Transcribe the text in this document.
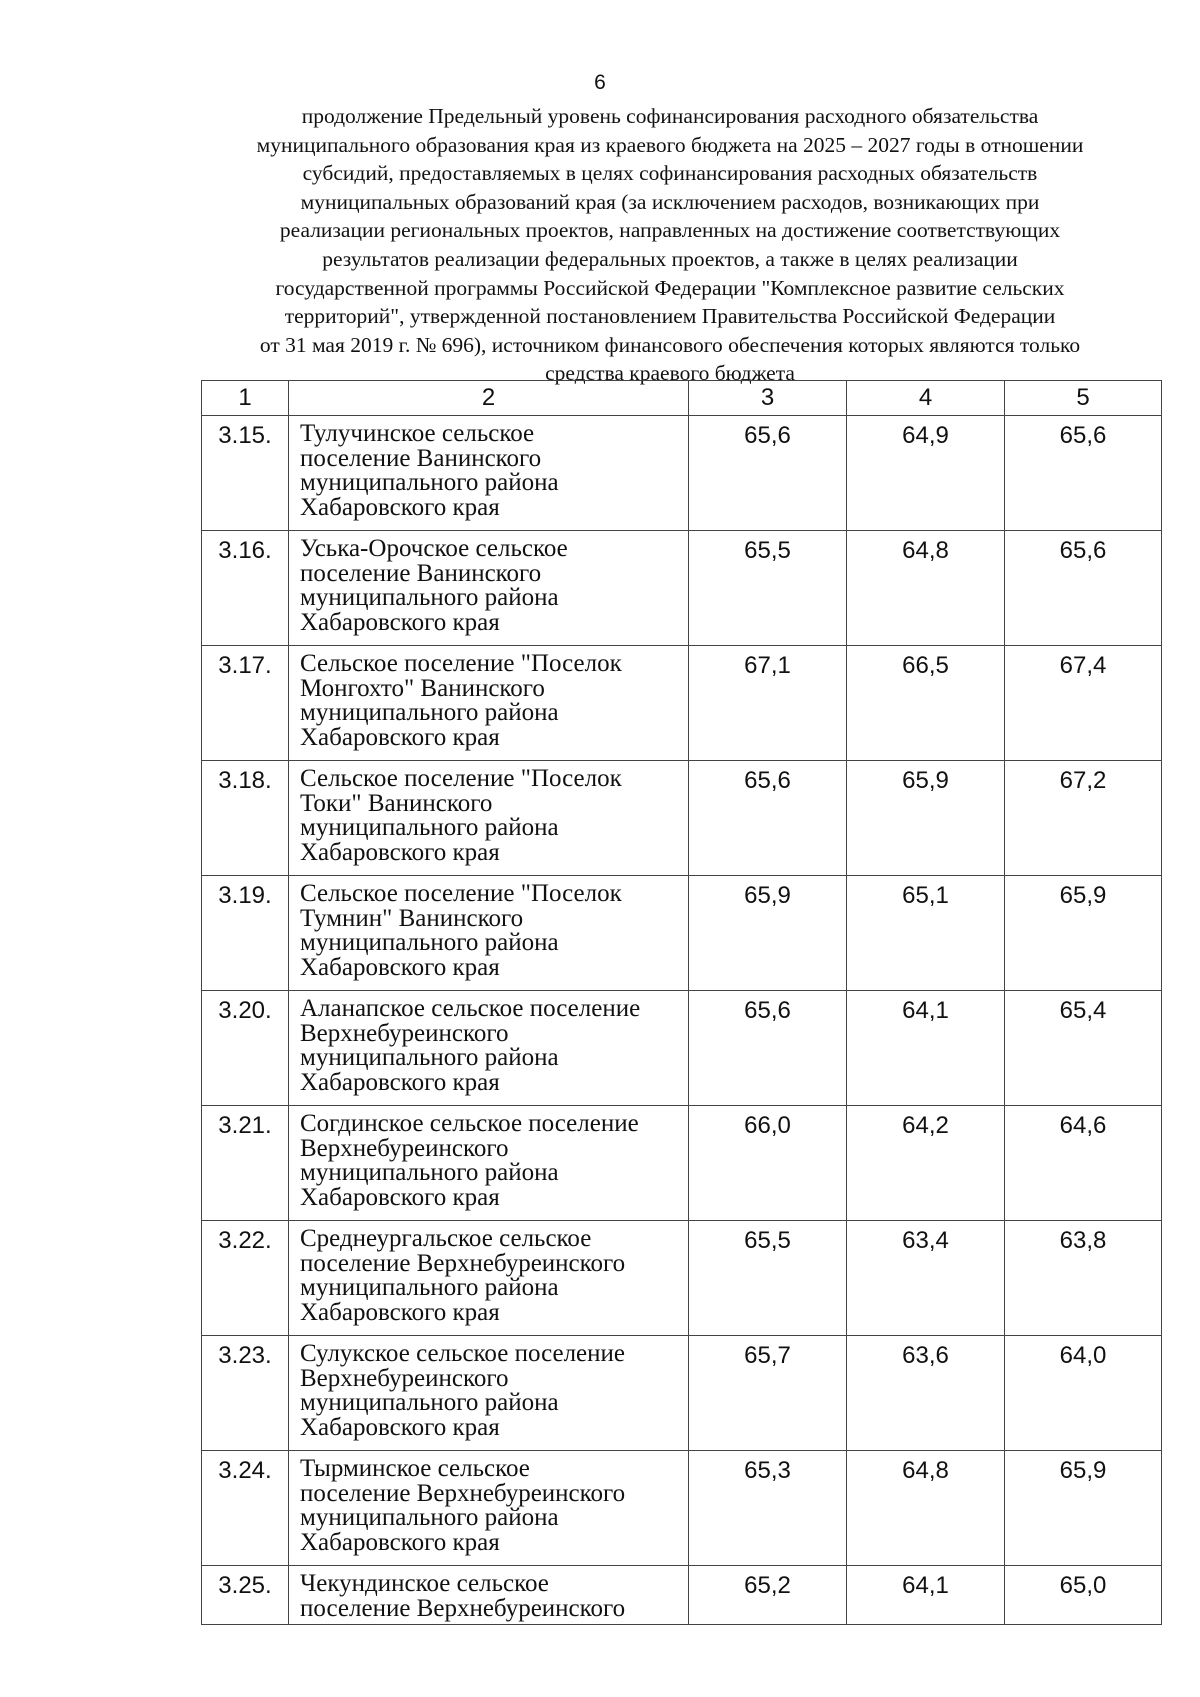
6
продолжение Предельный уровень софинансирования расходного обязательства
муниципального образования края из краевого бюджета на 2025 – 2027 годы в отношении
субсидий, предоставляемых в целях софинансирования расходных обязательств
муниципальных образований края (за исключением расходов, возникающих при
реализации региональных проектов, направленных на достижение соответствующих
результатов реализации федеральных проектов, а также в целях реализации
государственной программы Российской Федерации "Комплексное развитие сельских
территорий", утвержденной постановлением Правительства Российской Федерации
от 31 мая 2019 г. № 696), источником финансового обеспечения которых являются только
средства краевого бюджета
1	2	3	4	5
3.15.	Тулучинское сельское
поселение Ванинского
муниципального района
Хабаровского края	65,6	64,9	65,6
3.16.	Уська-Орочское сельское
поселение Ванинского
муниципального района
Хабаровского края	65,5	64,8	65,6
3.17.	Сельское поселение "Поселок
Монгохто" Ванинского
муниципального района
Хабаровского края	67,1	66,5	67,4
3.18.	Сельское поселение "Поселок
Токи" Ванинского
муниципального района
Хабаровского края	65,6	65,9	67,2
3.19.	Сельское поселение "Поселок
Тумнин" Ванинского
муниципального района
Хабаровского края	65,9	65,1	65,9
3.20.	Аланапское сельское поселение
Верхнебуреинского
муниципального района
Хабаровского края	65,6	64,1	65,4
3.21.	Согдинское сельское поселение
Верхнебуреинского
муниципального района
Хабаровского края	66,0	64,2	64,6
3.22.	Среднеургальское сельское
поселение Верхнебуреинского
муниципального района
Хабаровского края	65,5	63,4	63,8
3.23.	Сулукское сельское поселение
Верхнебуреинского
муниципального района
Хабаровского края	65,7	63,6	64,0
3.24.	Тырминское сельское
поселение Верхнебуреинского
муниципального района
Хабаровского края	65,3	64,8	65,9
3.25.	Чекундинское сельское
поселение Верхнебуреинского	65,2	64,1	65,0
